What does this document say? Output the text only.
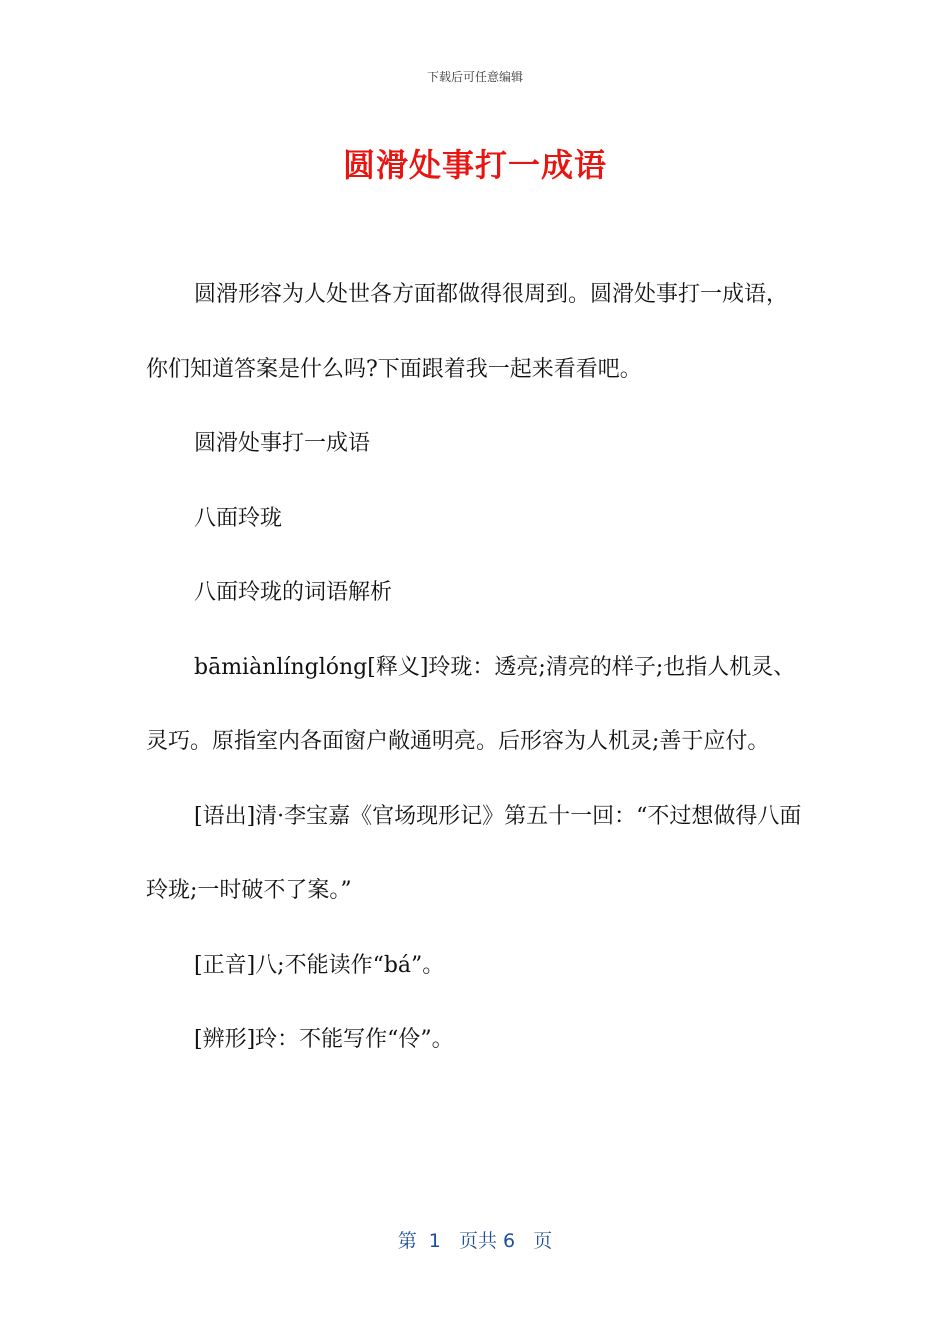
下载后可任意编辑
圆滑处事打一成语

圆滑形容为人处世各方面都做得很周到。圆滑处事打一成语，你们知道答案是什么吗?下面跟着我一起来看看吧。

圆滑处事打一成语

八面玲珑

八面玲珑的词语解析

bāmiànlínglóng[释义]玲珑：透亮;清亮的样子;也指人机灵、灵巧。原指室内各面窗户敞通明亮。后形容为人机灵;善于应付。

[语出]清·李宝嘉《官场现形记》第五十一回：“不过想做得八面玲珑;一时破不了案。”

[正音]八;不能读作“bá”。

[辨形]玲：不能写作“伶”。

第  1   页共 6   页
